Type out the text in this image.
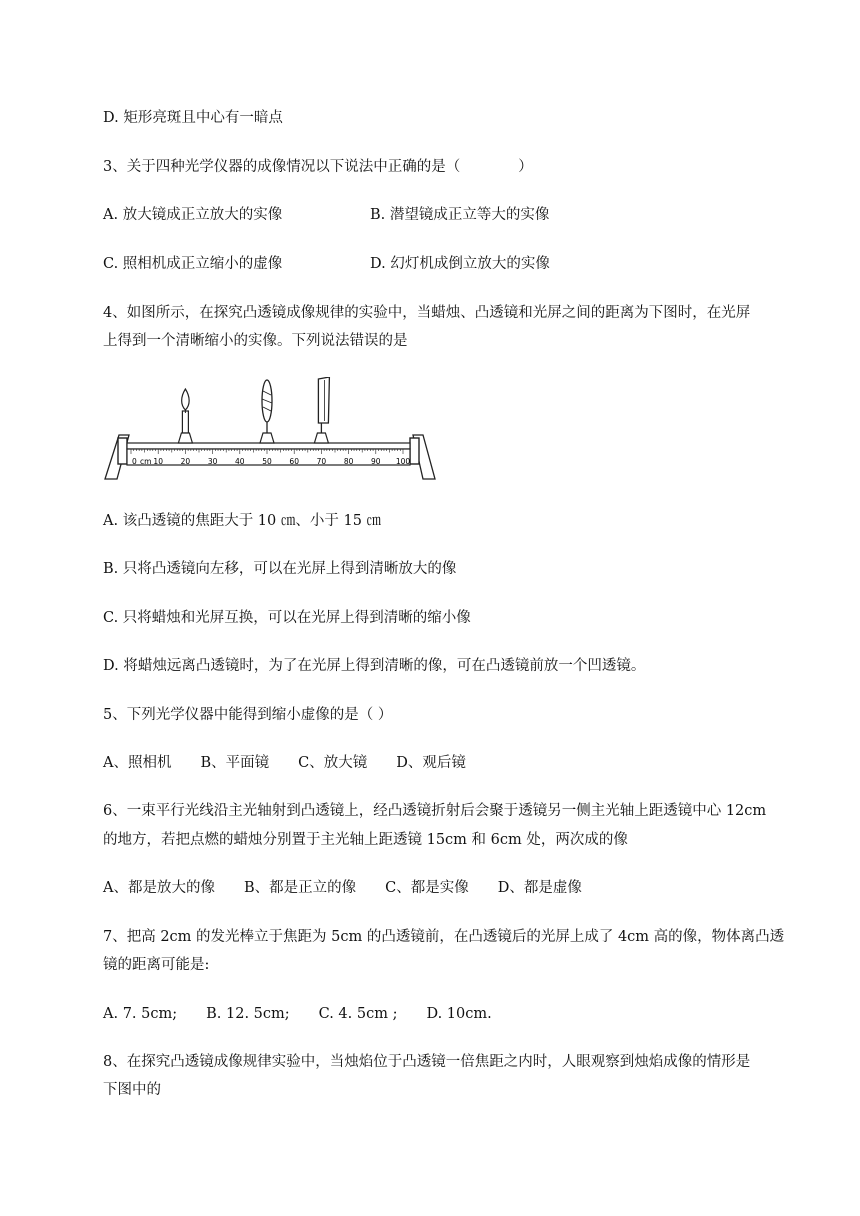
D. 矩形亮斑且中心有一暗点
3、关于四种光学仪器的成像情况以下说法中正确的是（　　　　）
A. 放大镜成正立放大的实像	B. 潜望镜成正立等大的实像
C. 照相机成正立缩小的虚像	D. 幻灯机成倒立放大的实像
4、如图所示，在探究凸透镜成像规律的实验中，当蜡烛、凸透镜和光屏之间的距离为下图时，在光屏
上得到一个清晰缩小的实像。下列说法错误的是
0 10 20 30 40 50 60 70 80 90 100
cm
A. 该凸透镜的焦距大于 10 ㎝、小于 15 ㎝
B. 只将凸透镜向左移，可以在光屏上得到清晰放大的像
C. 只将蜡烛和光屏互换，可以在光屏上得到清晰的缩小像
D. 将蜡烛远离凸透镜时，为了在光屏上得到清晰的像，可在凸透镜前放一个凹透镜。
5、下列光学仪器中能得到缩小虚像的是（ ）
A、照相机　　B、平面镜　　C、放大镜　　D、观后镜
6、一束平行光线沿主光轴射到凸透镜上，经凸透镜折射后会聚于透镜另一侧主光轴上距透镜中心 12cm
的地方，若把点燃的蜡烛分别置于主光轴上距透镜 15cm 和 6cm 处，两次成的像
A、都是放大的像　　B、都是正立的像　　C、都是实像　　D、都是虚像
7、把高 2cm 的发光棒立于焦距为 5cm 的凸透镜前，在凸透镜后的光屏上成了 4cm 高的像，物体离凸透
镜的距离可能是:
A. 7. 5cm;　　B. 12. 5cm;　　C. 4. 5cm ;　　D. 10cm.
8、在探究凸透镜成像规律实验中，当烛焰位于凸透镜一倍焦距之内时，人眼观察到烛焰成像的情形是
下图中的
